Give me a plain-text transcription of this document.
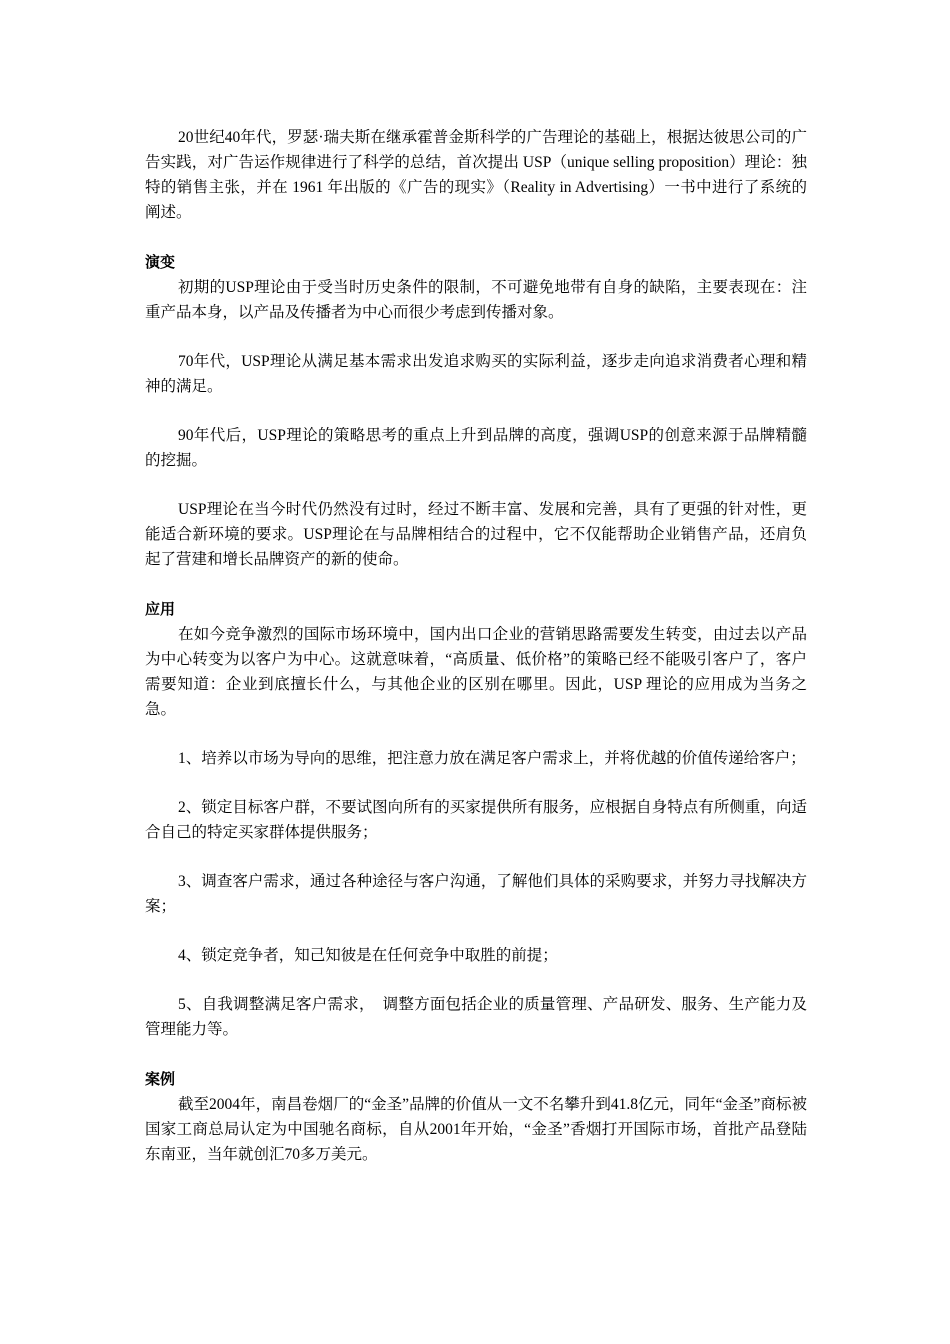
20世纪40年代，罗瑟·瑞夫斯在继承霍普金斯科学的广告理论的基础上，根据达彼思公司的广告实践，对广告运作规律进行了科学的总结，首次提出 USP（unique selling proposition）理论：独特的销售主张，并在 1961 年出版的《广告的现实》（Reality in Advertising）一书中进行了系统的阐述。

演变

初期的USP理论由于受当时历史条件的限制，不可避免地带有自身的缺陷，主要表现在：注重产品本身，以产品及传播者为中心而很少考虑到传播对象。

70年代，USP理论从满足基本需求出发追求购买的实际利益，逐步走向追求消费者心理和精神的满足。

90年代后，USP理论的策略思考的重点上升到品牌的高度，强调USP的创意来源于品牌精髓的挖掘。

USP理论在当今时代仍然没有过时，经过不断丰富、发展和完善，具有了更强的针对性，更能适合新环境的要求。USP理论在与品牌相结合的过程中，它不仅能帮助企业销售产品，还肩负起了营建和增长品牌资产的新的使命。

应用

在如今竞争激烈的国际市场环境中，国内出口企业的营销思路需要发生转变，由过去以产品为中心转变为以客户为中心。这就意味着，“高质量、低价格”的策略已经不能吸引客户了，客户需要知道：企业到底擅长什么，与其他企业的区别在哪里。因此，USP 理论的应用成为当务之急。

1、培养以市场为导向的思维，把注意力放在满足客户需求上，并将优越的价值传递给客户；

2、锁定目标客户群，不要试图向所有的买家提供所有服务，应根据自身特点有所侧重，向适合自己的特定买家群体提供服务；

3、调查客户需求，通过各种途径与客户沟通，了解他们具体的采购要求，并努力寻找解决方案；

4、锁定竞争者，知己知彼是在任何竞争中取胜的前提；

5、自我调整满足客户需求，　调整方面包括企业的质量管理、产品研发、服务、生产能力及管理能力等。

案例

截至2004年，南昌卷烟厂的“金圣”品牌的价值从一文不名攀升到41.8亿元，同年“金圣”商标被国家工商总局认定为中国驰名商标，自从2001年开始，“金圣”香烟打开国际市场，首批产品登陆东南亚，当年就创汇70多万美元。
